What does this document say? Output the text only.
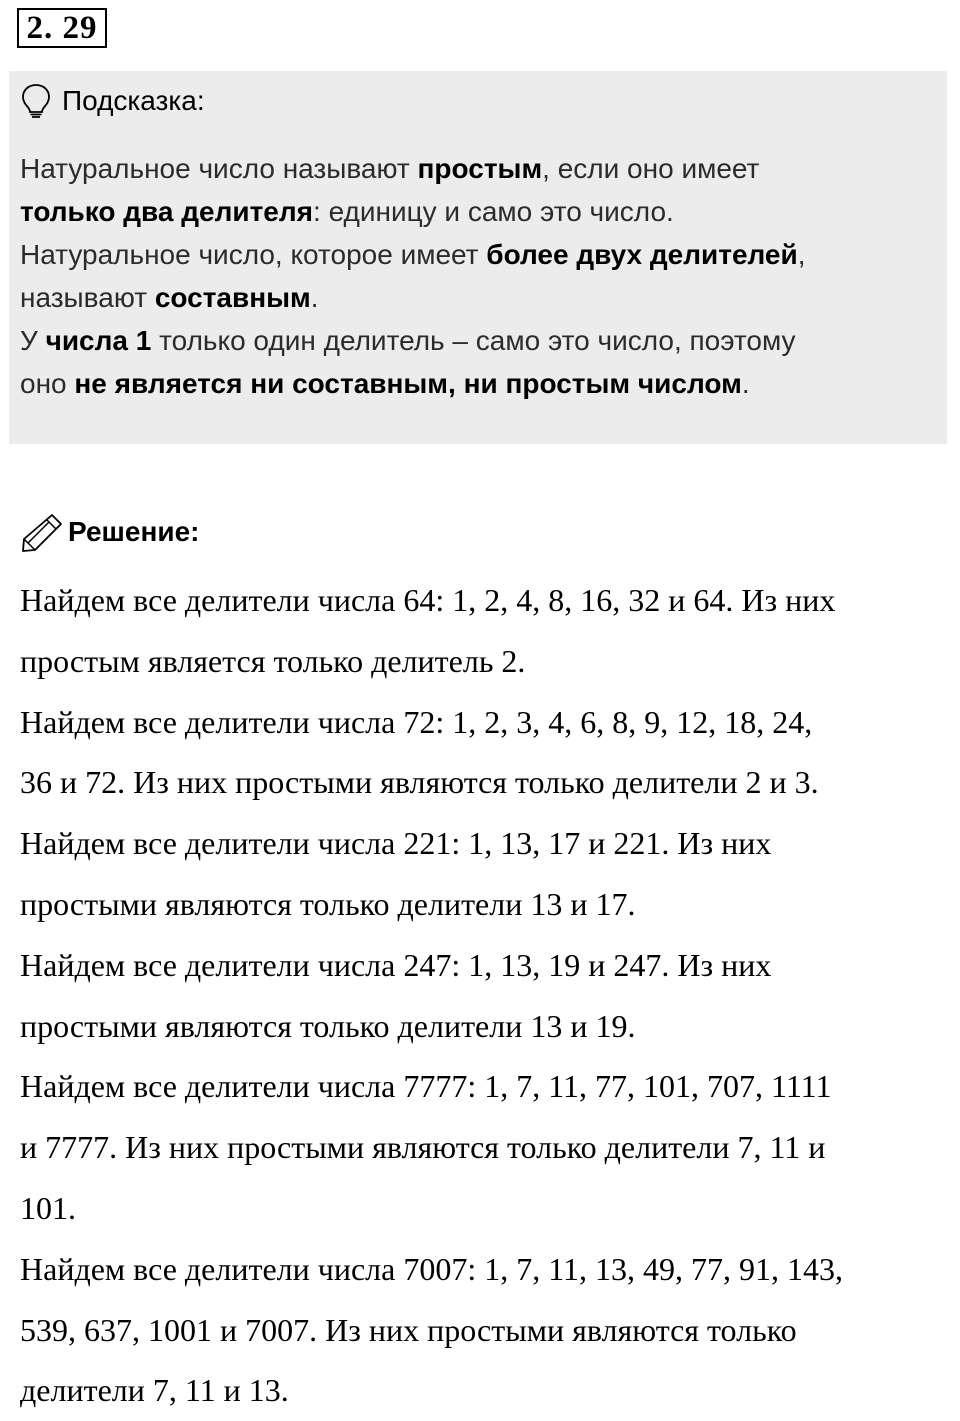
2. 29
Подсказка:
Натуральное число называют простым, если оно имеет
только два делителя: единицу и само это число.
Натуральное число, которое имеет более двух делителей,
называют составным.
У числа 1 только один делитель – само это число, поэтому
оно не является ни составным, ни простым числом.
Решение:

Найдем все делители числа 64: 1, 2, 4, 8, 16, 32 и 64. Из них

простым является только делитель 2.

Найдем все делители числа 72: 1, 2, 3, 4, 6, 8, 9, 12, 18, 24,

36 и 72. Из них простыми являются только делители 2 и 3.

Найдем все делители числа 221: 1, 13, 17 и 221. Из них

простыми являются только делители 13 и 17.

Найдем все делители числа 247: 1, 13, 19 и 247. Из них

простыми являются только делители 13 и 19.

Найдем все делители числа 7777: 1, 7, 11, 77, 101, 707, 1111

и 7777. Из них простыми являются только делители 7, 11 и

101.

Найдем все делители числа 7007: 1, 7, 11, 13, 49, 77, 91, 143,

539, 637, 1001 и 7007. Из них простыми являются только

делители 7, 11 и 13.
